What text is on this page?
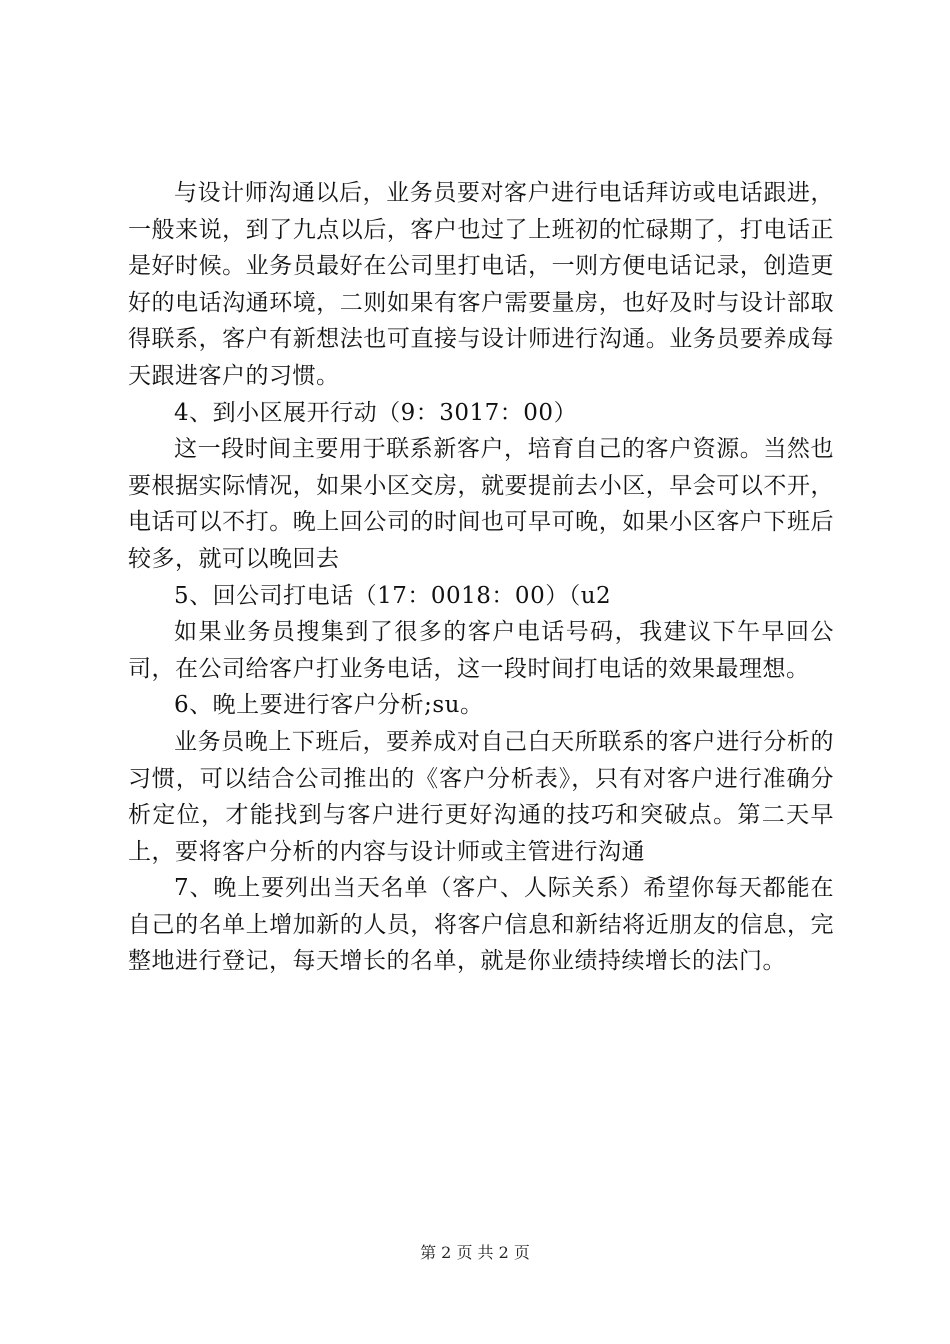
与设计师沟通以后，业务员要对客户进行电话拜访或电话跟进，一般来说，到了九点以后，客户也过了上班初的忙碌期了，打电话正是好时候。业务员最好在公司里打电话，一则方便电话记录，创造更好的电话沟通环境，二则如果有客户需要量房，也好及时与设计部取得联系，客户有新想法也可直接与设计师进行沟通。业务员要养成每天跟进客户的习惯。

4、到小区展开行动（9：3017：00）

这一段时间主要用于联系新客户，培育自己的客户资源。当然也要根据实际情况，如果小区交房，就要提前去小区，早会可以不开，电话可以不打。晚上回公司的时间也可早可晚，如果小区客户下班后较多，就可以晚回去

5、回公司打电话（17：0018：00）（u2

如果业务员搜集到了很多的客户电话号码，我建议下午早回公司，在公司给客户打业务电话，这一段时间打电话的效果最理想。

6、晚上要进行客户分析;su。

业务员晚上下班后，要养成对自己白天所联系的客户进行分析的习惯，可以结合公司推出的《客户分析表》，只有对客户进行准确分析定位，才能找到与客户进行更好沟通的技巧和突破点。第二天早上，要将客户分析的内容与设计师或主管进行沟通

7、晚上要列出当天名单（客户、人际关系）希望你每天都能在自己的名单上增加新的人员，将客户信息和新结将近朋友的信息，完整地进行登记，每天增长的名单，就是你业绩持续增长的法门。

第 2 页 共 2 页
